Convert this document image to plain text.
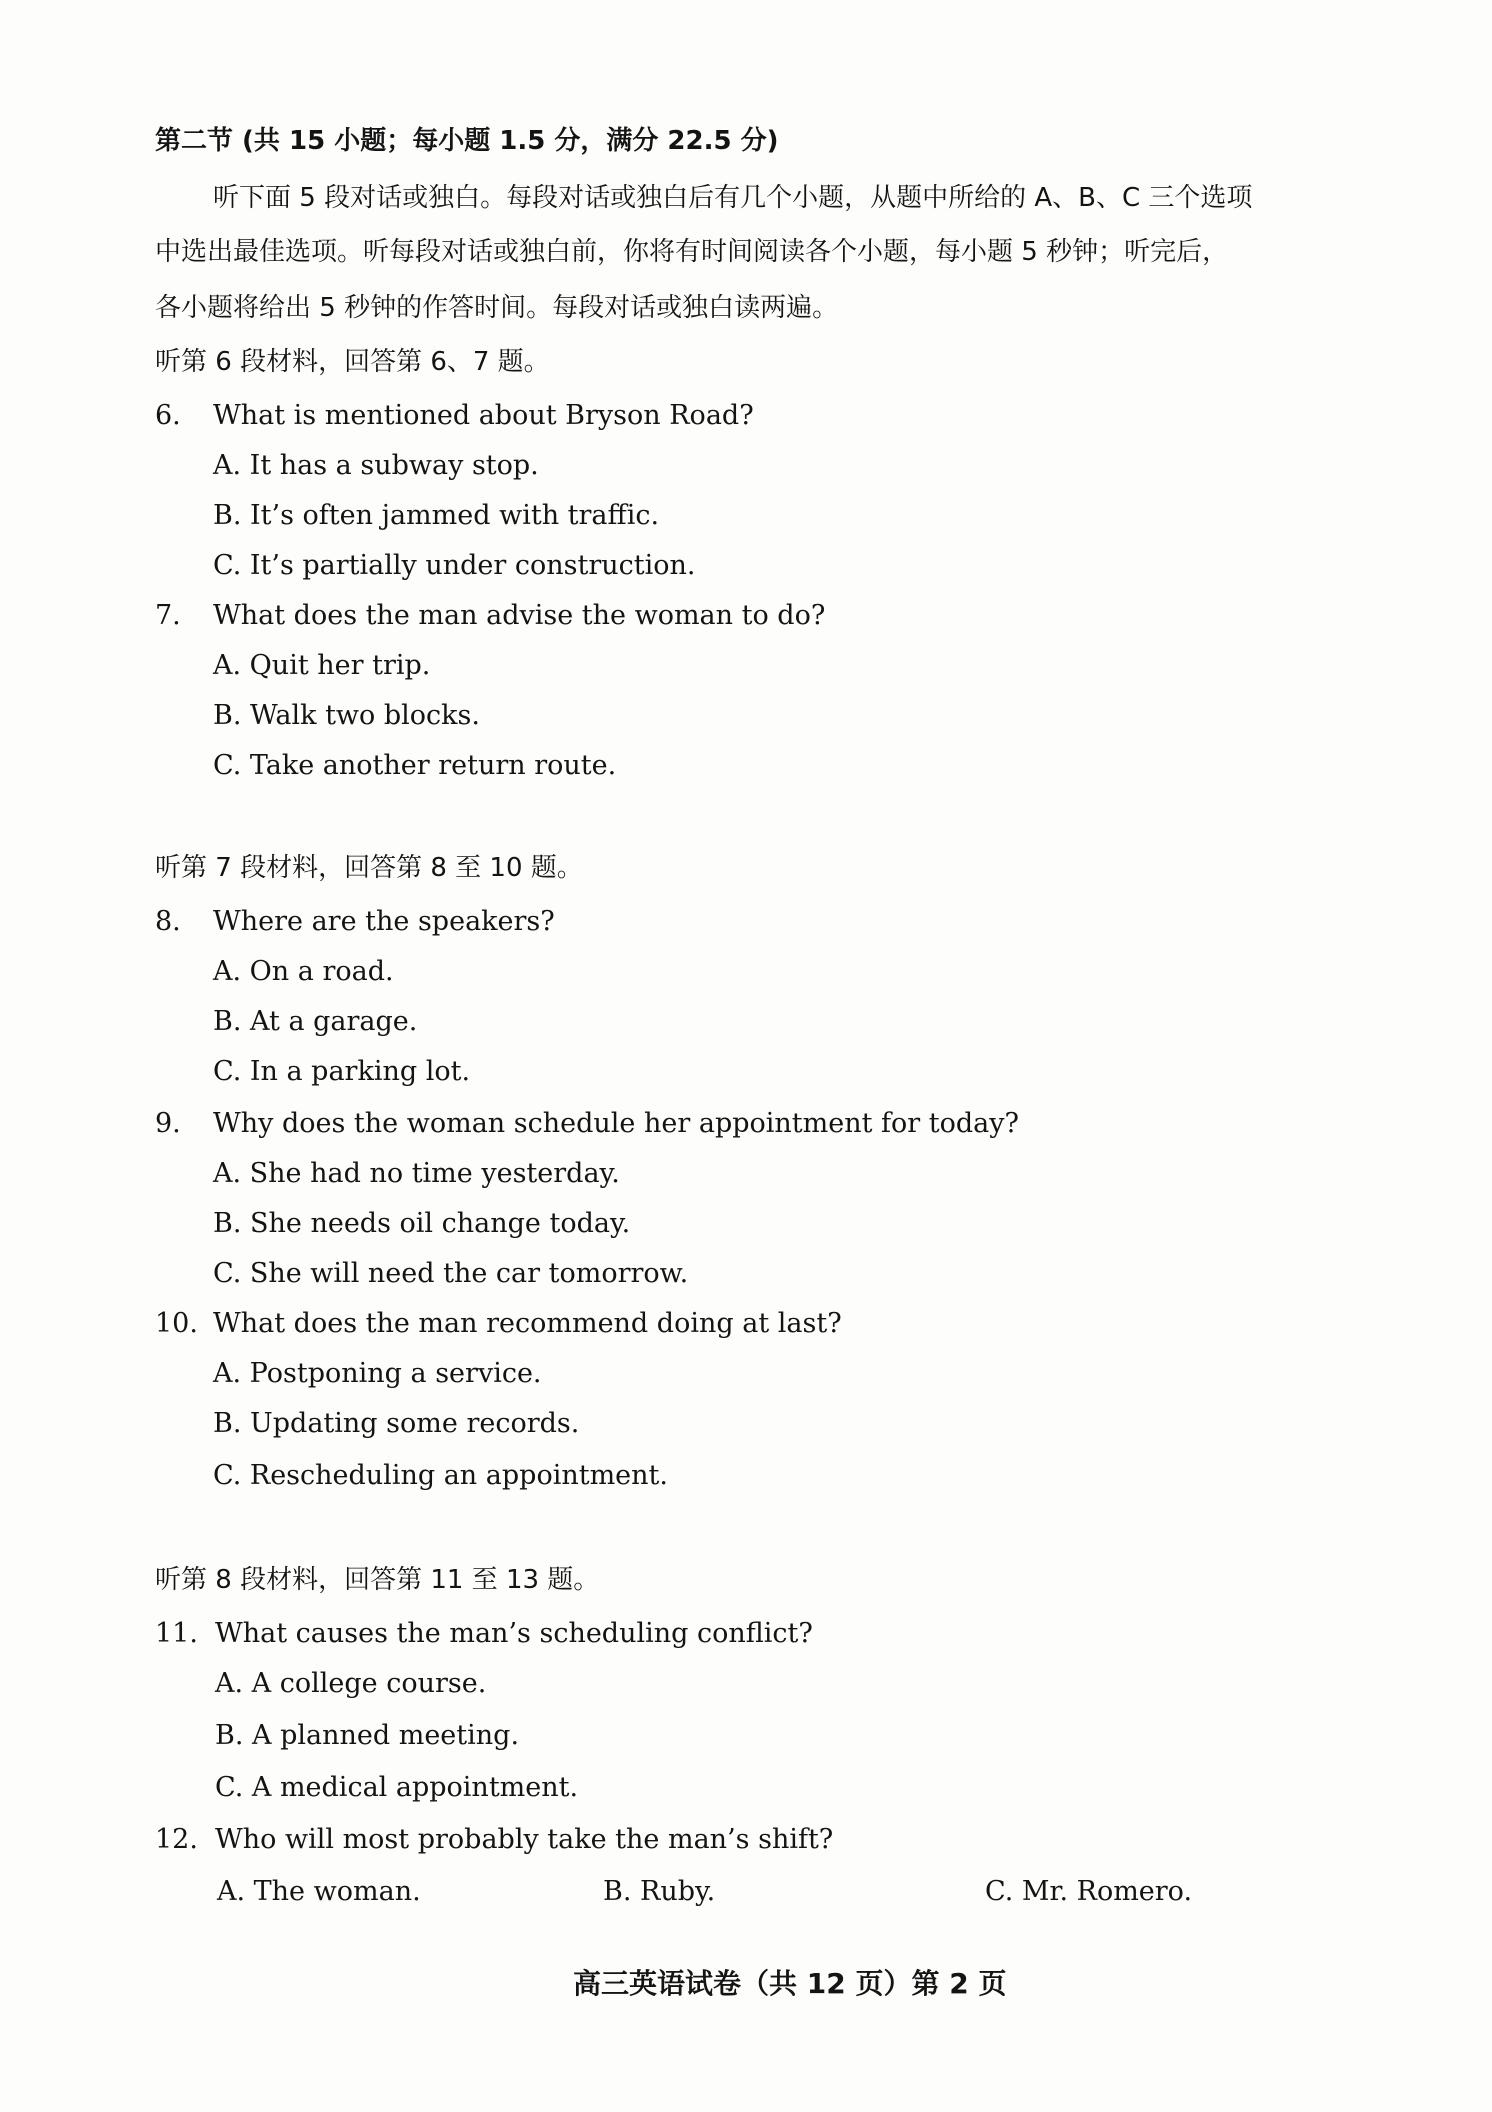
第二节 (共 15 小题；每小题 1.5 分，满分 22.5 分)
听下面 5 段对话或独白。每段对话或独白后有几个小题，从题中所给的 A、B、C 三个选项
中选出最佳选项。听每段对话或独白前，你将有时间阅读各个小题，每小题 5 秒钟；听完后，
各小题将给出 5 秒钟的作答时间。每段对话或独白读两遍。
听第 6 段材料，回答第 6、7 题。
6. What is mentioned about Bryson Road?
A. It has a subway stop.
B. It’s often jammed with traffic.
C. It’s partially under construction.
7. What does the man advise the woman to do?
A. Quit her trip.
B. Walk two blocks.
C. Take another return route.
听第 7 段材料，回答第 8 至 10 题。
8. Where are the speakers?
A. On a road.
B. At a garage.
C. In a parking lot.
9. Why does the woman schedule her appointment for today?
A. She had no time yesterday.
B. She needs oil change today.
C. She will need the car tomorrow.
10. What does the man recommend doing at last?
A. Postponing a service.
B. Updating some records.
C. Rescheduling an appointment.
听第 8 段材料，回答第 11 至 13 题。
11. What causes the man’s scheduling conflict?
A. A college course.
B. A planned meeting.
C. A medical appointment.
12. Who will most probably take the man’s shift?
A. The woman.	B. Ruby.	C. Mr. Romero.
高三英语试卷（共 12 页）第 2 页
